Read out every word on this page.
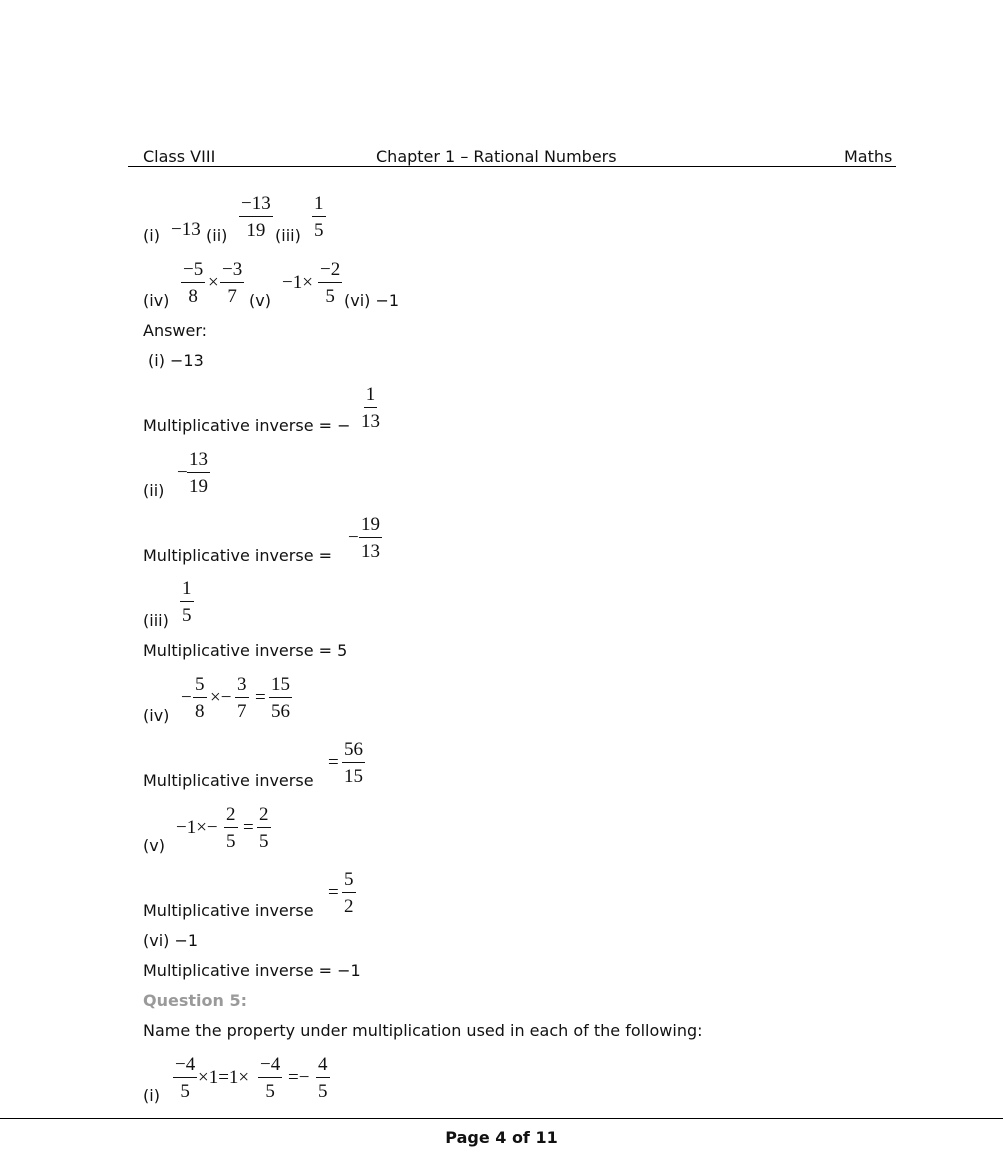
Class VIII	Chapter 1 – Rational Numbers	Maths
(i) −13 $(ii) \frac{-13}{19} (iii) \frac{1}{5}$
$(iv) \frac{-5}{8} \times \frac{-3}{7} (v)$
$-1\times \frac{-2}{5} (vi) -1$
Answer:
(i) −13
Multiplicative inverse = − $\frac{1}{13}$
(ii)
− $\frac{13}{19}$
Multiplicative inverse =
− $\frac{19}{13}$
$(iii) \frac{1}{5}$
Multiplicative inverse = 5
(iv)
− $\frac{5}{8} \times- \frac{3}{7} = \frac{15}{56}$
Multiplicative inverse
= $\frac{56}{15}$
(v)
$-1\times- \frac{2}{5} = \frac{2}{5}$
Multiplicative inverse
= $\frac{5}{2}$
(vi) −1
Multiplicative inverse = −1
Question 5:
Name the property under multiplication used in each of the following:
$(i) \frac{-4}{5} \times 1=1\times \frac{-4}{5} =- \frac{4}{5}$
Page 4 of 11
